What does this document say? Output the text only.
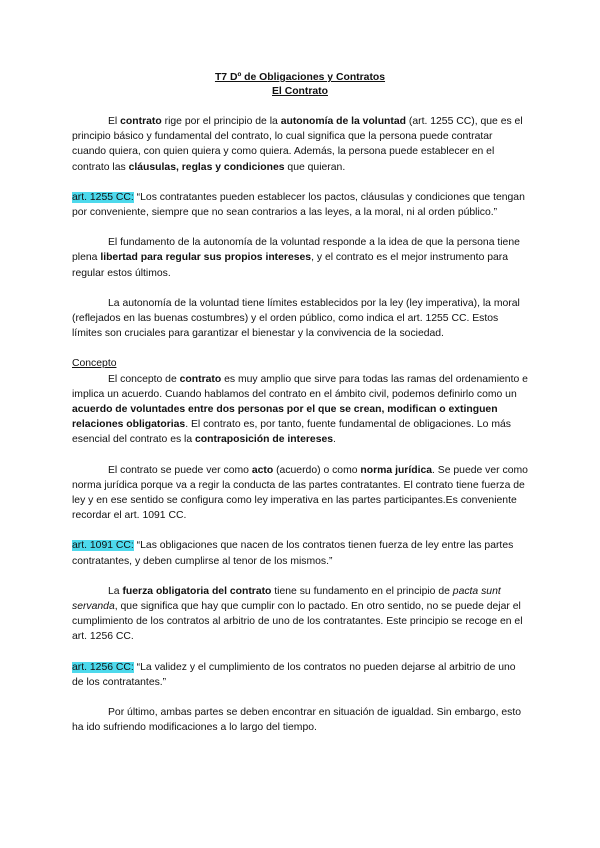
T7 Dº de Obligaciones y Contratos

El Contrato

El contrato rige por el principio de la autonomía de la voluntad (art. 1255 CC), que es el principio básico y fundamental del contrato, lo cual significa que la persona puede contratar cuando quiera, con quien quiera y como quiera. Además, la persona puede establecer en el contrato las cláusulas, reglas y condiciones que quieran.

art. 1255 CC: “Los contratantes pueden establecer los pactos, cláusulas y condiciones que tengan por conveniente, siempre que no sean contrarios a las leyes, a la moral, ni al orden público.”

El fundamento de la autonomía de la voluntad responde a la idea de que la persona tiene plena libertad para regular sus propios intereses, y el contrato es el mejor instrumento para regular estos últimos.

La autonomía de la voluntad tiene límites establecidos por la ley (ley imperativa), la moral (reflejados en las buenas costumbres) y el orden público, como indica el art. 1255 CC. Estos límites son cruciales para garantizar el bienestar y la convivencia de la sociedad.

Concepto

El concepto de contrato es muy amplio que sirve para todas las ramas del ordenamiento e implica un acuerdo. Cuando hablamos del contrato en el ámbito civil, podemos definirlo como un acuerdo de voluntades entre dos personas por el que se crean, modifican o extinguen relaciones obligatorias. El contrato es, por tanto, fuente fundamental de obligaciones. Lo más esencial del contrato es la contraposición de intereses.

El contrato se puede ver como acto (acuerdo) o como norma jurídica. Se puede ver como norma jurídica porque va a regir la conducta de las partes contratantes. El contrato tiene fuerza de ley y en ese sentido se configura como ley imperativa en las partes participantes.Es conveniente recordar el art. 1091 CC.

art. 1091 CC: “Las obligaciones que nacen de los contratos tienen fuerza de ley entre las partes contratantes, y deben cumplirse al tenor de los mismos.”

La fuerza obligatoria del contrato tiene su fundamento en el principio de pacta sunt servanda, que significa que hay que cumplir con lo pactado. En otro sentido, no se puede dejar el cumplimiento de los contratos al arbitrio de uno de los contratantes. Este principio se recoge en el art. 1256 CC.

art. 1256 CC: “La validez y el cumplimiento de los contratos no pueden dejarse al arbitrio de uno de los contratantes.”

Por último, ambas partes se deben encontrar en situación de igualdad. Sin embargo, esto ha ido sufriendo modificaciones a lo largo del tiempo.
